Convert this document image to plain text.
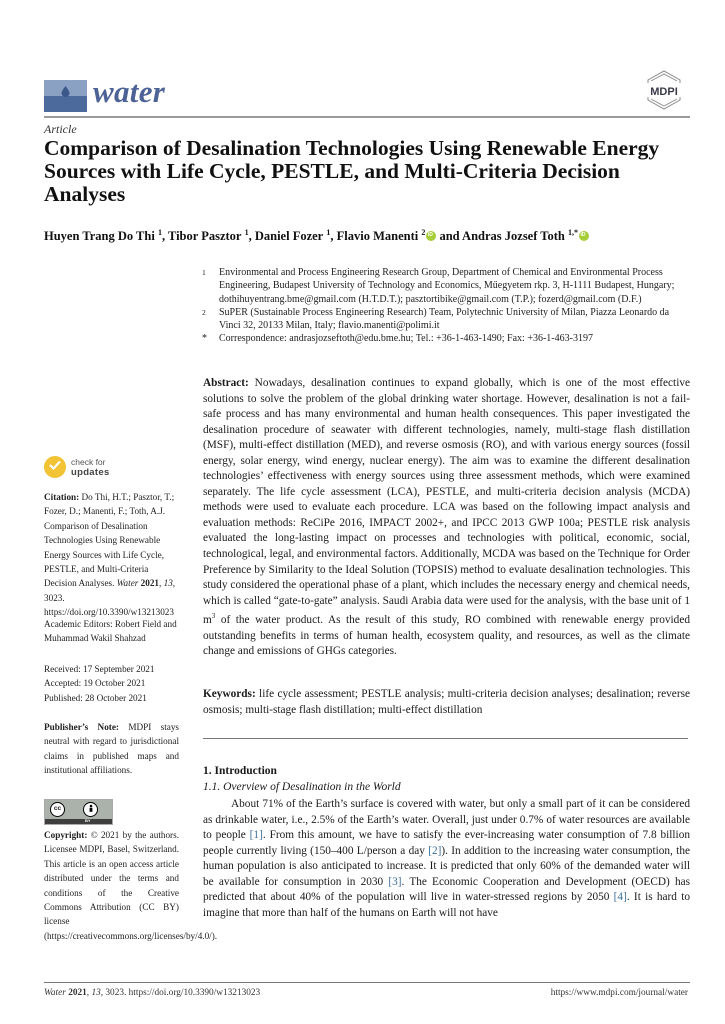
water	MDPI
Article
Comparison of Desalination Technologies Using Renewable Energy Sources with Life Cycle, PESTLE, and Multi-Criteria Decision Analyses
Huyen Trang Do Thi $^1$, Tibor Pasztor $^1$, Daniel Fozer $^1$, Flavio Manenti $^2$ iD and Andras Jozsef Toth $^{1,*}$iD
1	Environmental and Process Engineering Research Group, Department of Chemical and Environmental Process Engineering, Budapest University of Technology and Economics, Műegyetem rkp. 3, H-1111 Budapest, Hungary; dothihuyentrang.bme@gmail.com (H.T.D.T.); pasztortibike@gmail.com (T.P.); fozerd@gmail.com (D.F.)
2	SuPER (Sustainable Process Engineering Research) Team, Polytechnic University of Milan, Piazza Leonardo da Vinci 32, 20133 Milan, Italy; flavio.manenti@polimi.it
*	Correspondence: andrasjozseftoth@edu.bme.hu; Tel.: +36-1-463-1490; Fax: +36-1-463-3197
Abstract: Nowadays, desalination continues to expand globally, which is one of the most effective solutions to solve the problem of the global drinking water shortage. However, desalination is not a fail-safe process and has many environmental and human health consequences. This paper investigated the desalination procedure of seawater with different technologies, namely, multi-stage flash distillation (MSF), multi-effect distillation (MED), and reverse osmosis (RO), and with various energy sources (fossil energy, solar energy, wind energy, nuclear energy). The aim was to examine the different desalination technologies’ effectiveness with energy sources using three assessment methods, which were examined separately. The life cycle assessment (LCA), PESTLE, and multi-criteria decision analysis (MCDA) methods were used to evaluate each procedure. LCA was based on the following impact analysis and evaluation methods: ReCiPe 2016, IMPACT 2002+, and IPCC 2013 GWP 100a; PESTLE risk analysis evaluated the long-lasting impact on processes and technologies with political, economic, social, technological, legal, and environmental factors. Additionally, MCDA was based on the Technique for Order Preference by Similarity to the Ideal Solution (TOPSIS) method to evaluate desalination technologies. This study considered the operational phase of a plant, which includes the necessary energy and chemical needs, which is called “gate-to-gate” analysis. Saudi Arabia data were used for the analysis, with the base unit of 1 $m^3$ of the water product. As the result of this study, RO combined with renewable energy provided outstanding benefits in terms of human health, ecosystem quality, and resources, as well as the climate change and emissions of GHGs categories.
Keywords: life cycle assessment; PESTLE analysis; multi-criteria decision analyses; desalination; reverse osmosis; multi-stage flash distillation; multi-effect distillation
1. Introduction
1.1. Overview of Desalination in the World
About 71% of the Earth’s surface is covered with water, but only a small part of it can be considered as drinkable water, i.e., 2.5% of the Earth’s water. Overall, just under 0.7% of water resources are available to people [1]. From this amount, we have to satisfy the ever-increasing water consumption of 7.8 billion people currently living (150–400 L/person a day [2]). In addition to the increasing water consumption, the human population is also anticipated to increase. It is predicted that only 60% of the demanded water will be available for consumption in 2030 [3]. The Economic Cooperation and Development (OECD) has predicted that about 40% of the population will live in water-stressed regions by 2050 [4]. It is hard to imagine that more than half of the humans on Earth will not have
check for
updates
Citation: Do Thi, H.T.; Pasztor, T.; Fozer, D.; Manenti, F.; Toth, A.J. Comparison of Desalination Technologies Using Renewable Energy Sources with Life Cycle, PESTLE, and Multi-Criteria Decision Analyses. Water 2021, 13, 3023. https://doi.org/10.3390/w13213023
Academic Editors: Robert Field and Muhammad Wakil Shahzad
Received: 17 September 2021
Accepted: 19 October 2021
Published: 28 October 2021
Publisher’s Note: MDPI stays neutral with regard to jurisdictional claims in published maps and institutional affiliations.
cc
BY
Copyright: © 2021 by the authors. Licensee MDPI, Basel, Switzerland. This article is an open access article distributed under the terms and conditions of the Creative Commons Attribution (CC BY) license (https://creativecommons.org/licenses/by/4.0/).
Water 2021, 13, 3023. https://doi.org/10.3390/w13213023	https://www.mdpi.com/journal/water
